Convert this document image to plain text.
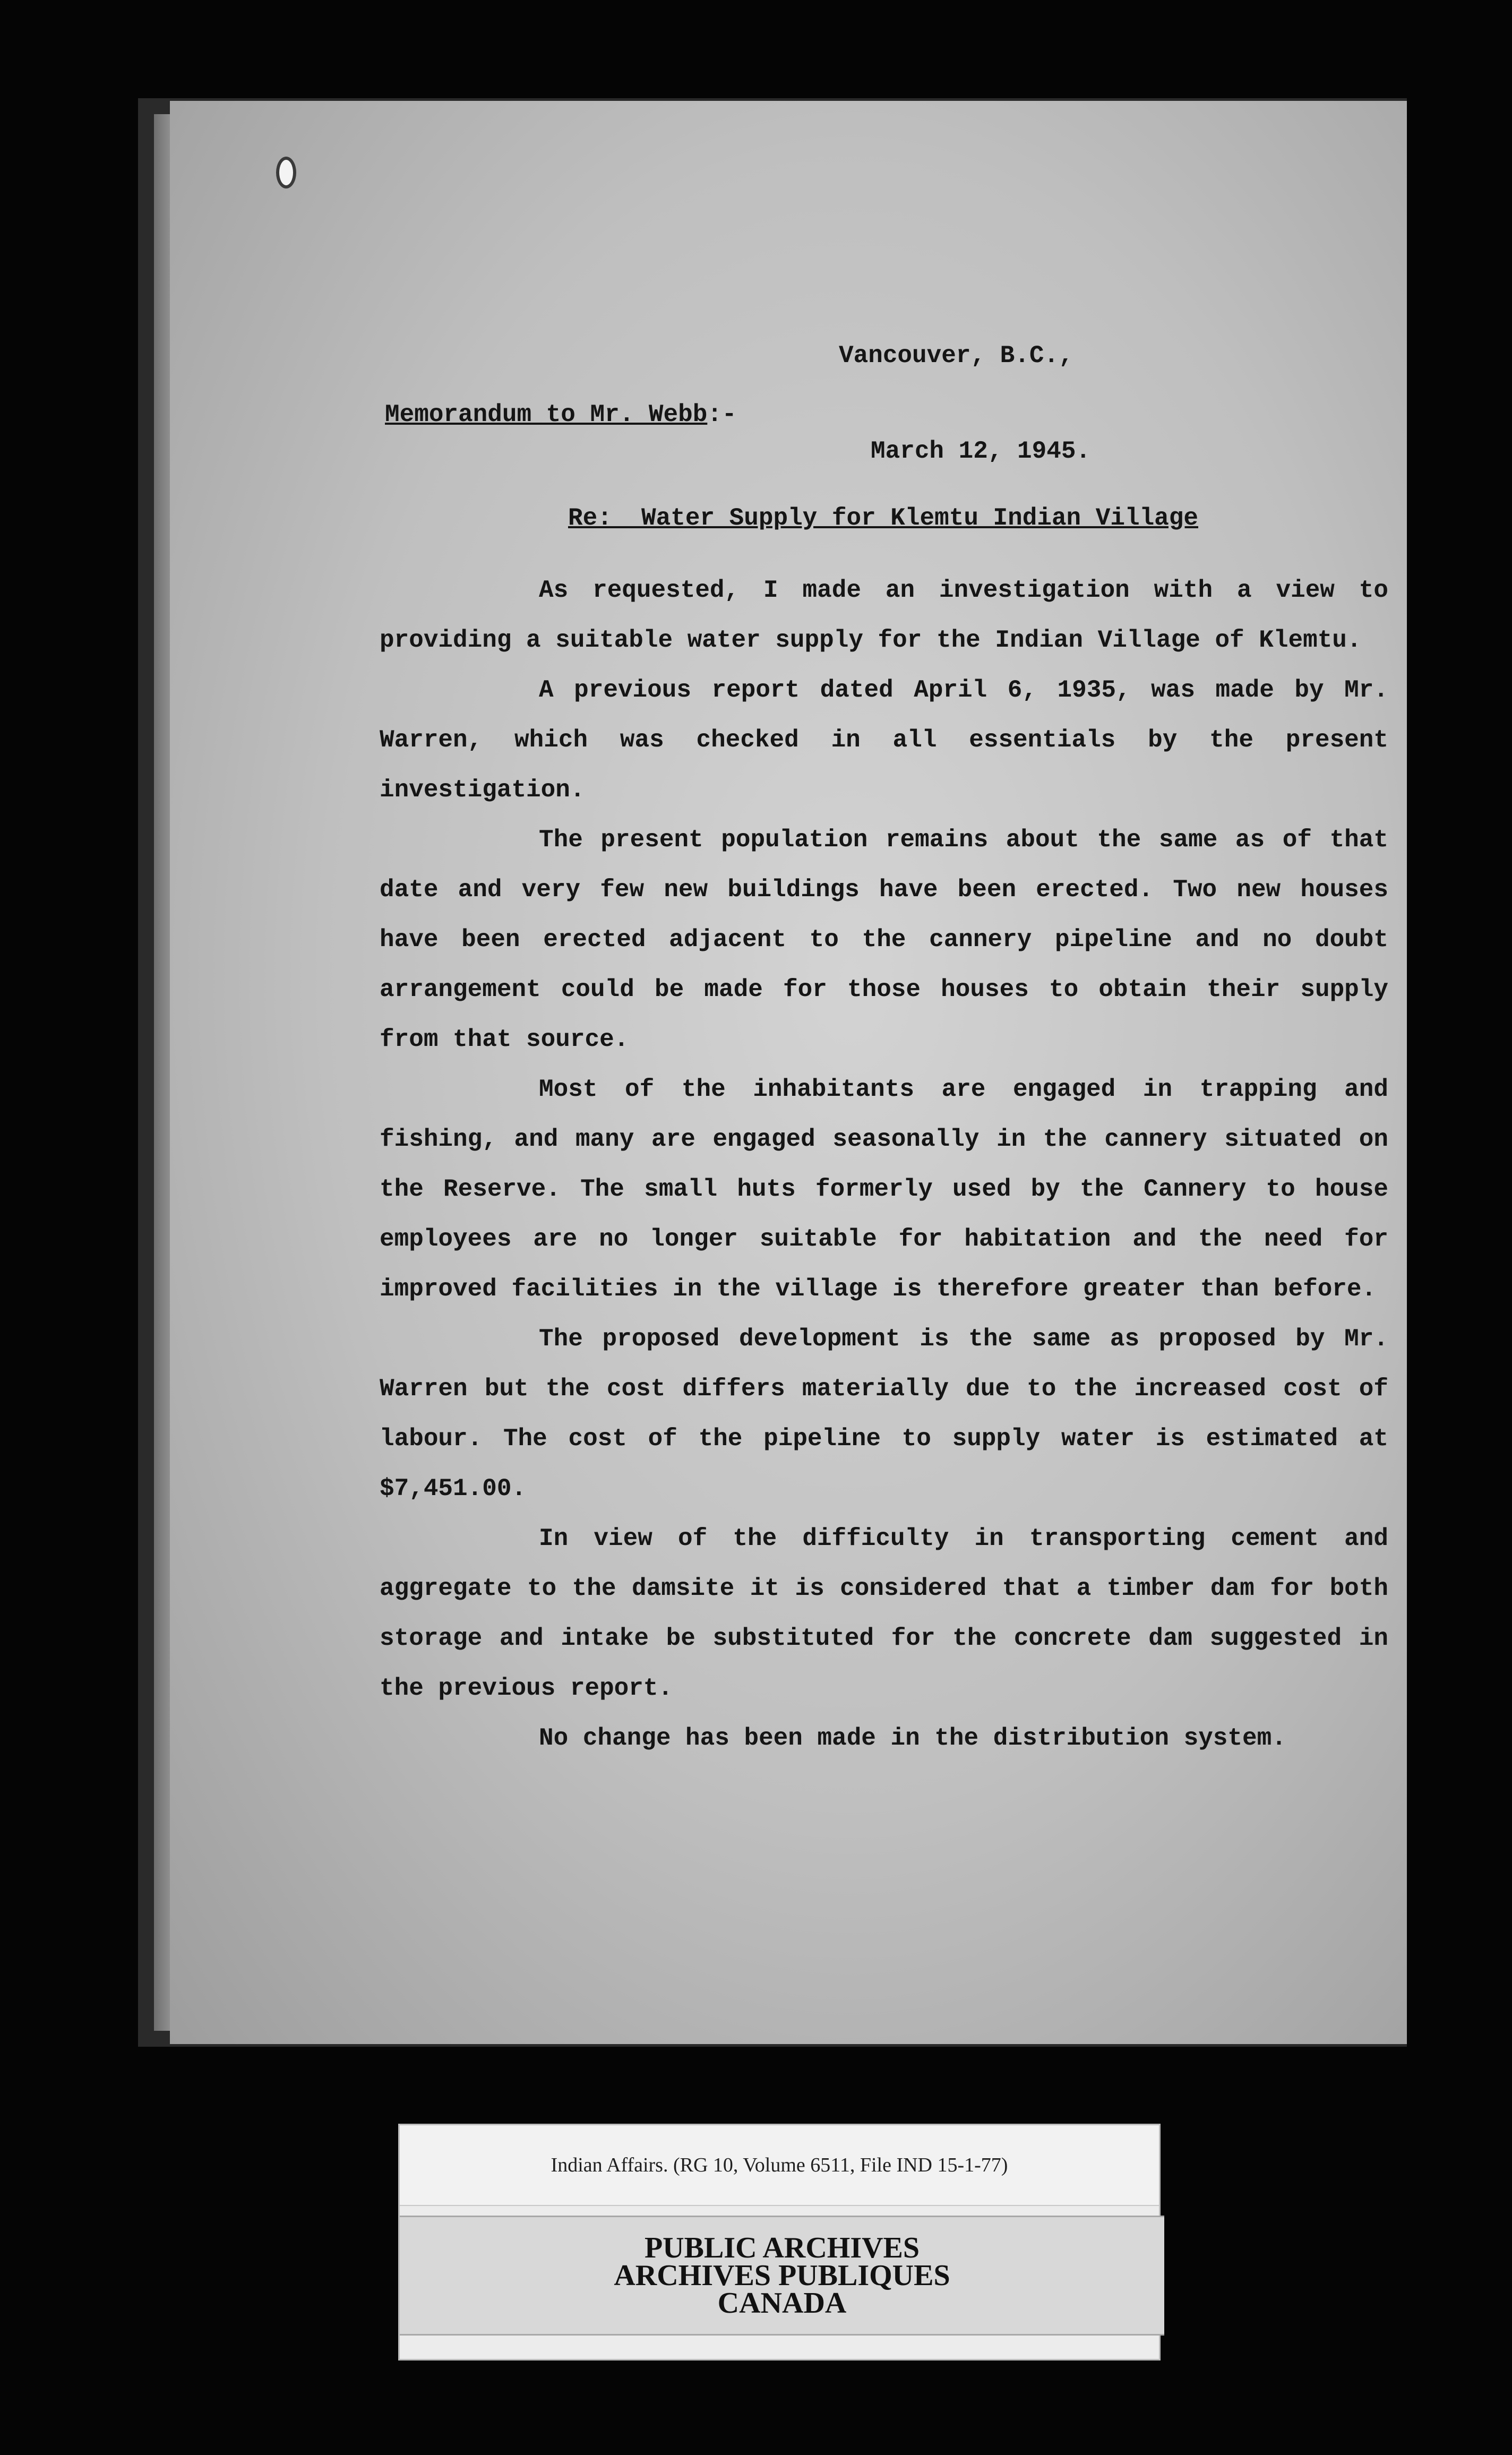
Vancouver, B.C.,

March 12, 1945.

Memorandum to Mr. Webb:-
Re:  Water Supply for Klemtu Indian Village

As requested, I made an investigation with a view to providing a suitable water supply for the Indian Village of Klemtu.

A previous report dated April 6, 1935, was made by Mr. Warren, which was checked in all essentials by the present investigation.

The present population remains about the same as of that date and very few new buildings have been erected. Two new houses have been erected adjacent to the cannery pipeline and no doubt arrangement could be made for those houses to obtain their supply from that source.

Most of the inhabitants are engaged in trapping and fishing, and many are engaged seasonally in the cannery situated on the Reserve. The small huts formerly used by the Cannery to house employees are no longer suitable for habitation and the need for improved facilities in the village is therefore greater than before.

The proposed development is the same as proposed by Mr. Warren but the cost differs materially due to the increased cost of labour. The cost of the pipeline to supply water is estimated at $7,451.00.

In view of the difficulty in transporting cement and aggregate to the damsite it is considered that a timber dam for both storage and intake be substituted for the concrete dam suggested in the previous report.

No change has been made in the distribution system.

Indian Affairs. (RG 10, Volume 6511, File IND 15-1-77)
PUBLIC ARCHIVES
ARCHIVES PUBLIQUES
CANADA
